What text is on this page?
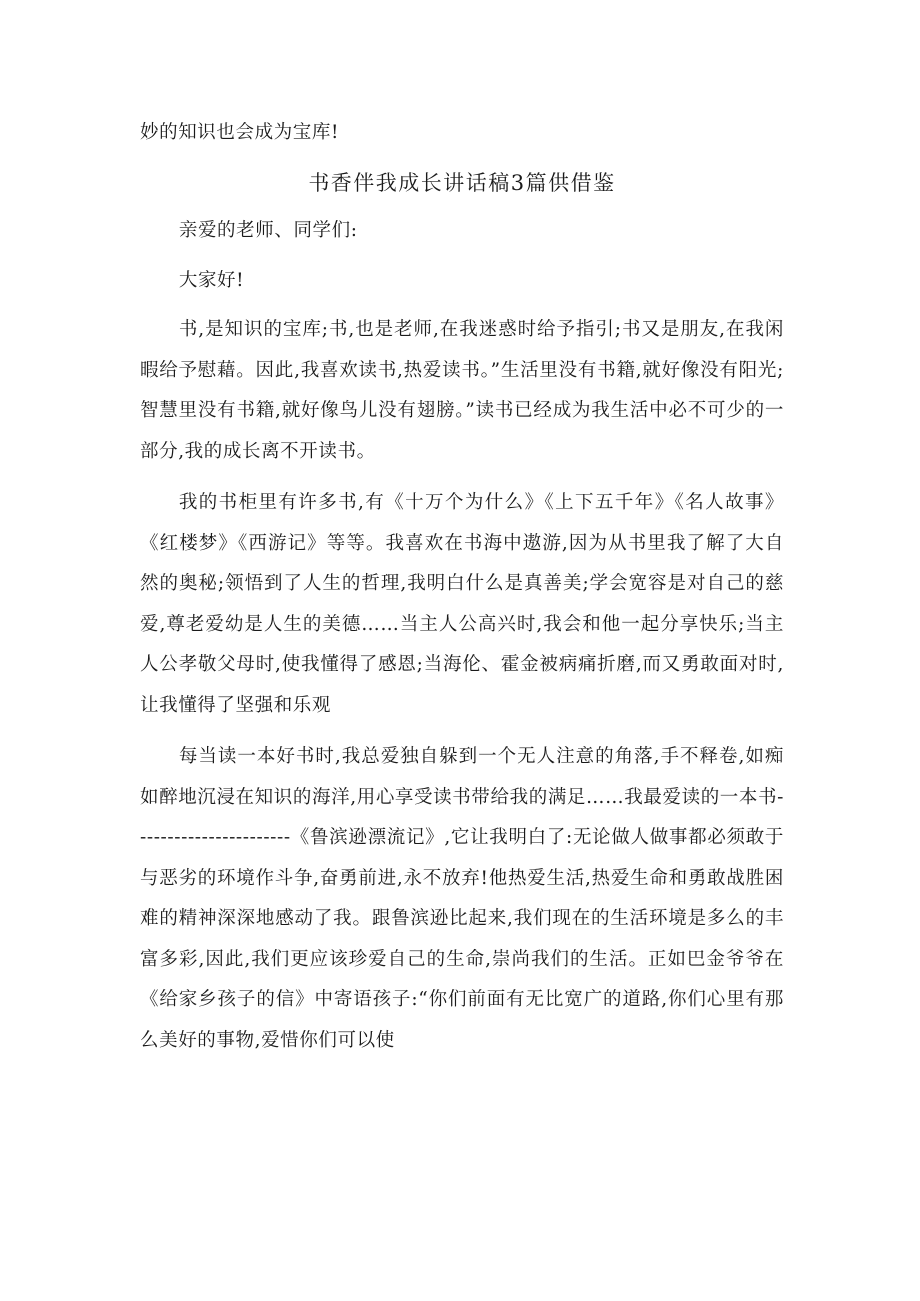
妙的知识也会成为宝库!
书香伴我成长讲话稿3篇供借鉴

亲爱的老师、同学们:

大家好!

书,是知识的宝库;书,也是老师,在我迷惑时给予指引;书又是朋友,在我闲暇给予慰藉。因此,我喜欢读书,热爱读书。”生活里没有书籍,就好像没有阳光;智慧里没有书籍,就好像鸟儿没有翅膀。”读书已经成为我生活中必不可少的一部分,我的成长离不开读书。

我的书柜里有许多书,有《十万个为什么》《上下五千年》《名人故事》《红楼梦》《西游记》等等。我喜欢在书海中遨游,因为从书里我了解了大自然的奥秘;领悟到了人生的哲理,我明白什么是真善美;学会宽容是对自己的慈爱,尊老爱幼是人生的美德……当主人公高兴时,我会和他一起分享快乐;当主人公孝敬父母时,使我懂得了感恩;当海伦、霍金被病痛折磨,而又勇敢面对时,让我懂得了坚强和乐观

每当读一本好书时,我总爱独自躲到一个无人注意的角落,手不释卷,如痴如醉地沉浸在知识的海洋,用心享受读书带给我的满足……我最爱读的一本书-----------------------《鲁滨逊漂流记》,它让我明白了:无论做人做事都必须敢于与恶劣的环境作斗争,奋勇前进,永不放弃!他热爱生活,热爱生命和勇敢战胜困难的精神深深地感动了我。跟鲁滨逊比起来,我们现在的生活环境是多么的丰富多彩,因此,我们更应该珍爱自己的生命,崇尚我们的生活。正如巴金爷爷在《给家乡孩子的信》中寄语孩子:“你们前面有无比宽广的道路,你们心里有那么美好的事物,爱惜你们可以使
